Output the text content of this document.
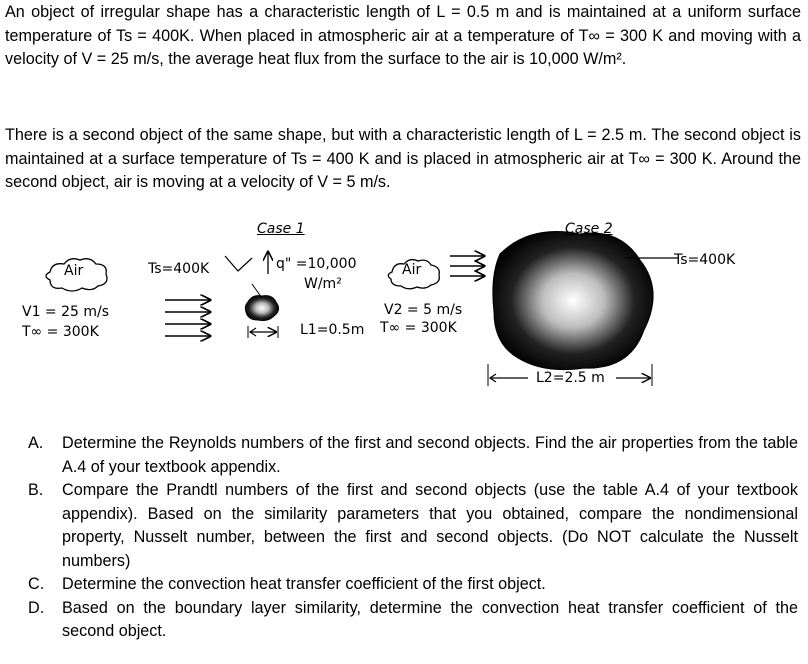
An object of irregular shape has a characteristic length of L = 0.5 m and is maintained at a uniform surface temperature of Ts = 400K. When placed in atmospheric air at a temperature of T∞ = 300 K and moving with a velocity of V = 25 m/s, the average heat flux from the surface to the air is 10,000 W/m².

There is a second object of the same shape, but with a characteristic length of L = 2.5 m. The second object is maintained at a surface temperature of Ts = 400 K and is placed in atmospheric air at T∞ = 300 K. Around the second object, air is moving at a velocity of V = 5 m/s.

Case 1	Case 2
Air	Ts=400K	q" =10,000
W/m²
V1 = 25 m/s
T∞ = 300K	L1=0.5m
Air
Ts=400K
V2 = 5 m/s
T∞ = 300K
L2=2.5 m
A.	Determine the Reynolds numbers of the first and second objects. Find the air properties from the table A.4 of your textbook appendix.
B.	Compare the Prandtl numbers of the first and second objects (use the table A.4 of your textbook appendix). Based on the similarity parameters that you obtained, compare the nondimensional property, Nusselt number, between the first and second objects. (Do NOT calculate the Nusselt numbers)
C.	Determine the convection heat transfer coefficient of the first object.
D.	Based on the boundary layer similarity, determine the convection heat transfer coefficient of the second object.
